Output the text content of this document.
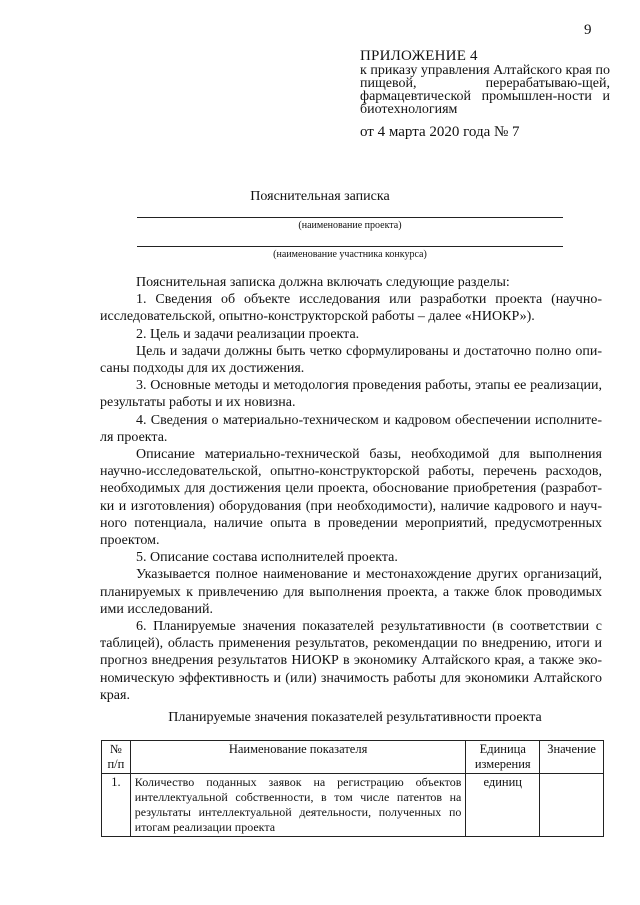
9
ПРИЛОЖЕНИЕ 4
к приказу управления Алтайского края по пищевой, перерабатываю-щей, фармацевтической промышлен-ности и биотехнологиям
от 4 марта 2020 года № 7
Пояснительная записка
(наименование проекта)
(наименование участника конкурса)

Пояснительная записка должна включать следующие разделы:

1. Сведения об объекте исследования или разработки проекта (научно-исследовательской, опытно-конструкторской работы – далее «НИОКР»).

2. Цель и задачи реализации проекта.

Цель и задачи должны быть четко сформулированы и достаточно полно опи-саны подходы для их достижения.

3. Основные методы и методология проведения работы, этапы ее реализации, результаты работы и их новизна.

4. Сведения о материально-техническом и кадровом обеспечении исполните-ля проекта.

Описание материально-технической базы, необходимой для выполнения научно-исследовательской, опытно-конструкторской работы, перечень расходов, необходимых для достижения цели проекта, обоснование приобретения (разработ-ки и изготовления) оборудования (при необходимости), наличие кадрового и науч-ного потенциала, наличие опыта в проведении мероприятий, предусмотренных проектом.

5. Описание состава исполнителей проекта.

Указывается полное наименование и местонахождение других организаций, планируемых к привлечению для выполнения проекта, а также блок проводимых ими исследований.

6. Планируемые значения показателей результативности (в соответствии с таблицей), область применения результатов, рекомендации по внедрению, итоги и прогноз внедрения результатов НИОКР в экономику Алтайского края, а также эко-номическую эффективность и (или) значимость работы для экономики Алтайского края.

Планируемые значения показателей результативности проекта
№ п/п	Наименование показателя	Единица измерения	Значение
1.	Количество поданных заявок на регистрацию объектов интеллектуальной собственности, в том числе патентов на результаты интеллектуальной деятельности, полученных по итогам реализации проекта	единиц	
